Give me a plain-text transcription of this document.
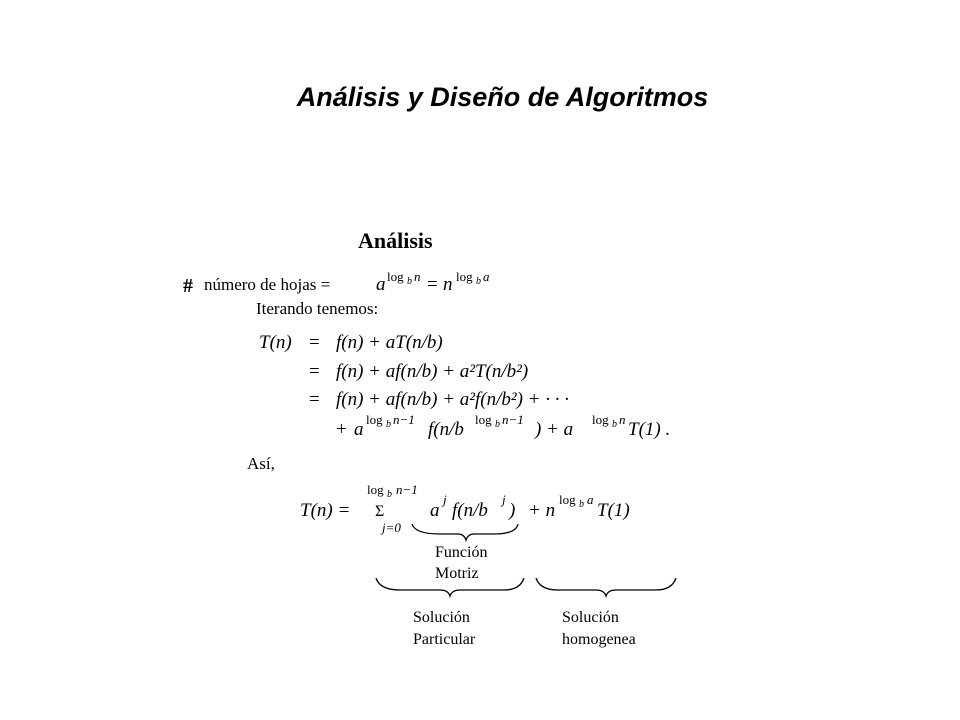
Análisis y Diseño de Algoritmos
Análisis
# número de hojas = a log b n = n log b a
Iterando tenemos:
T(n) = f(n) + aT(n/b)
= f(n) + af(n/b) + a²T(n/b²)
= f(n) + af(n/b) + a²f(n/b²) + · · ·
+ a log b n−1 f(n/b log b n−1 ) + a log b n T(1) .
Así,
T(n) =
log b n−1
Σ
j=0
a
j
f(n/b
j
) + n
log b a
T(1)
Función
Motriz
Solución
Particular
Solución
homogenea
